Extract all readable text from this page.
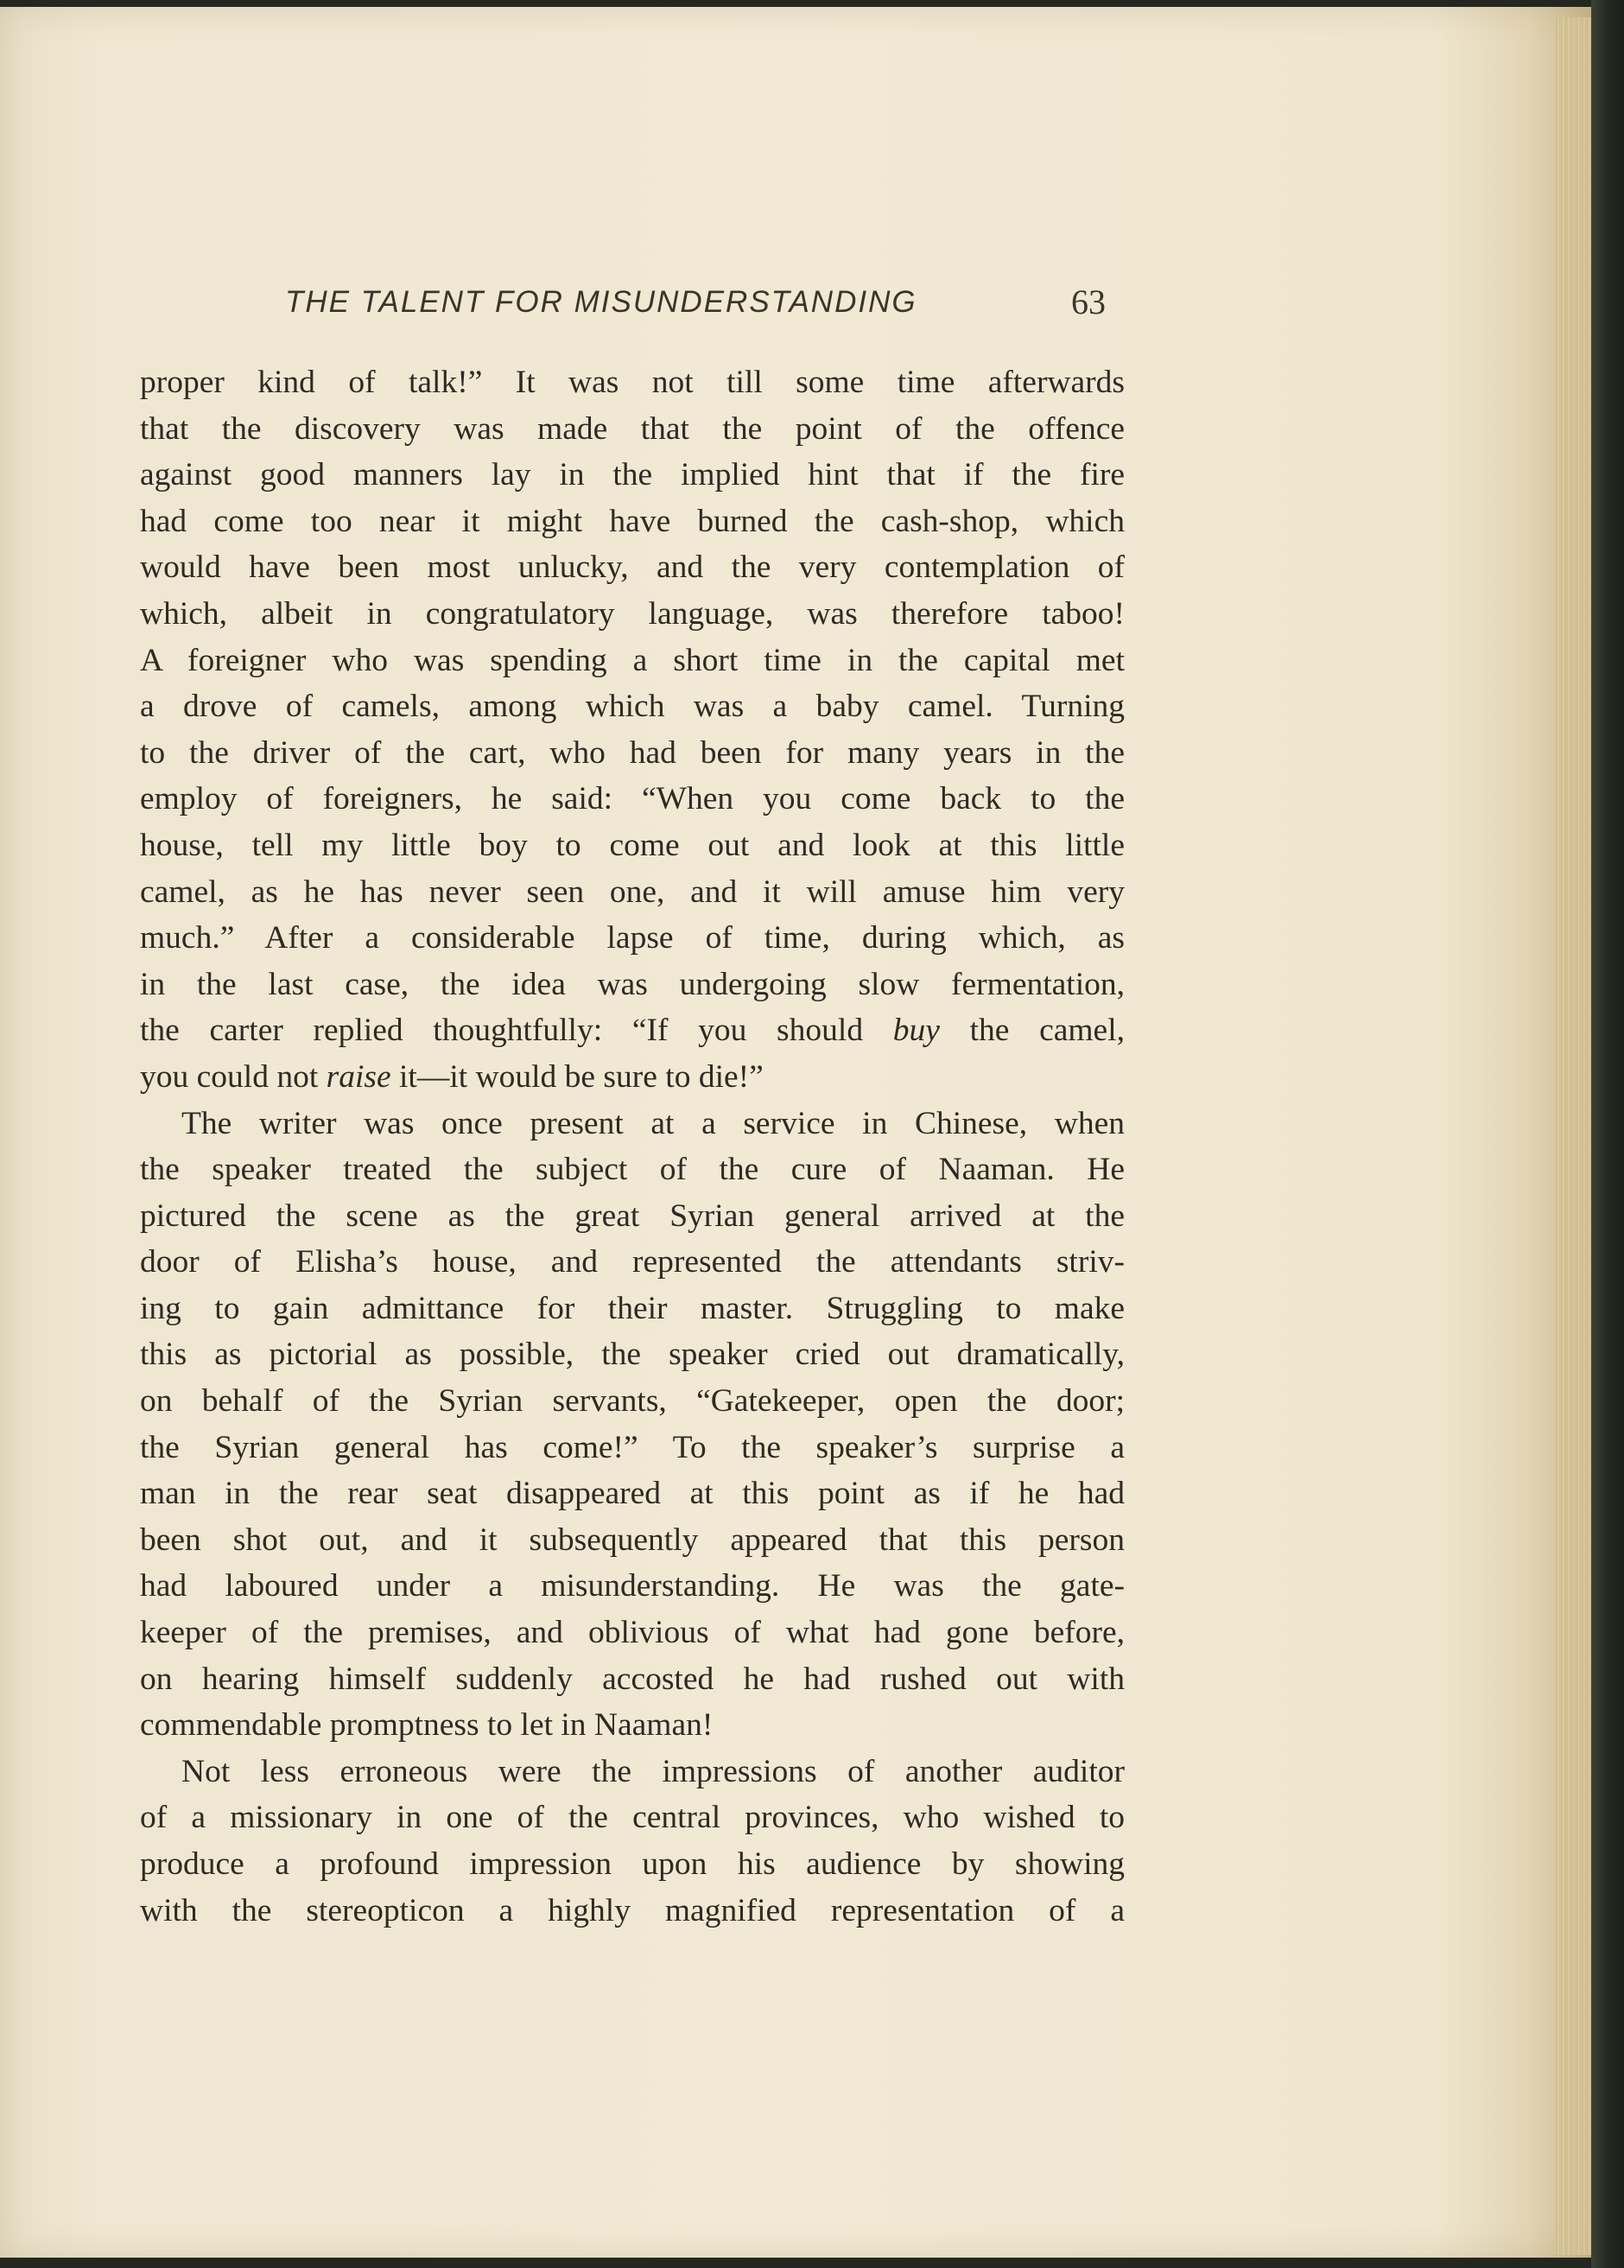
THE TALENT FOR MISUNDERSTANDING	63
proper kind of talk!” It was not till some time afterwards
that the discovery was made that the point of the offence
against good manners lay in the implied hint that if the fire
had come too near it might have burned the cash-shop, which
would have been most unlucky, and the very contemplation of
which, albeit in congratulatory language, was therefore taboo!
A foreigner who was spending a short time in the capital met
a drove of camels, among which was a baby camel. Turning
to the driver of the cart, who had been for many years in the
employ of foreigners, he said: “When you come back to the
house, tell my little boy to come out and look at this little
camel, as he has never seen one, and it will amuse him very
much.” After a considerable lapse of time, during which, as
in the last case, the idea was undergoing slow fermentation,
the carter replied thoughtfully: “If you should buy the camel,
you could not raise it—it would be sure to die!”
The writer was once present at a service in Chinese, when
the speaker treated the subject of the cure of Naaman. He
pictured the scene as the great Syrian general arrived at the
door of Elisha’s house, and represented the attendants striv-
ing to gain admittance for their master. Struggling to make
this as pictorial as possible, the speaker cried out dramatically,
on behalf of the Syrian servants, “Gatekeeper, open the door;
the Syrian general has come!” To the speaker’s surprise a
man in the rear seat disappeared at this point as if he had
been shot out, and it subsequently appeared that this person
had laboured under a misunderstanding. He was the gate-
keeper of the premises, and oblivious of what had gone before,
on hearing himself suddenly accosted he had rushed out with
commendable promptness to let in Naaman!
Not less erroneous were the impressions of another auditor
of a missionary in one of the central provinces, who wished to
produce a profound impression upon his audience by showing
with the stereopticon a highly magnified representation of a
